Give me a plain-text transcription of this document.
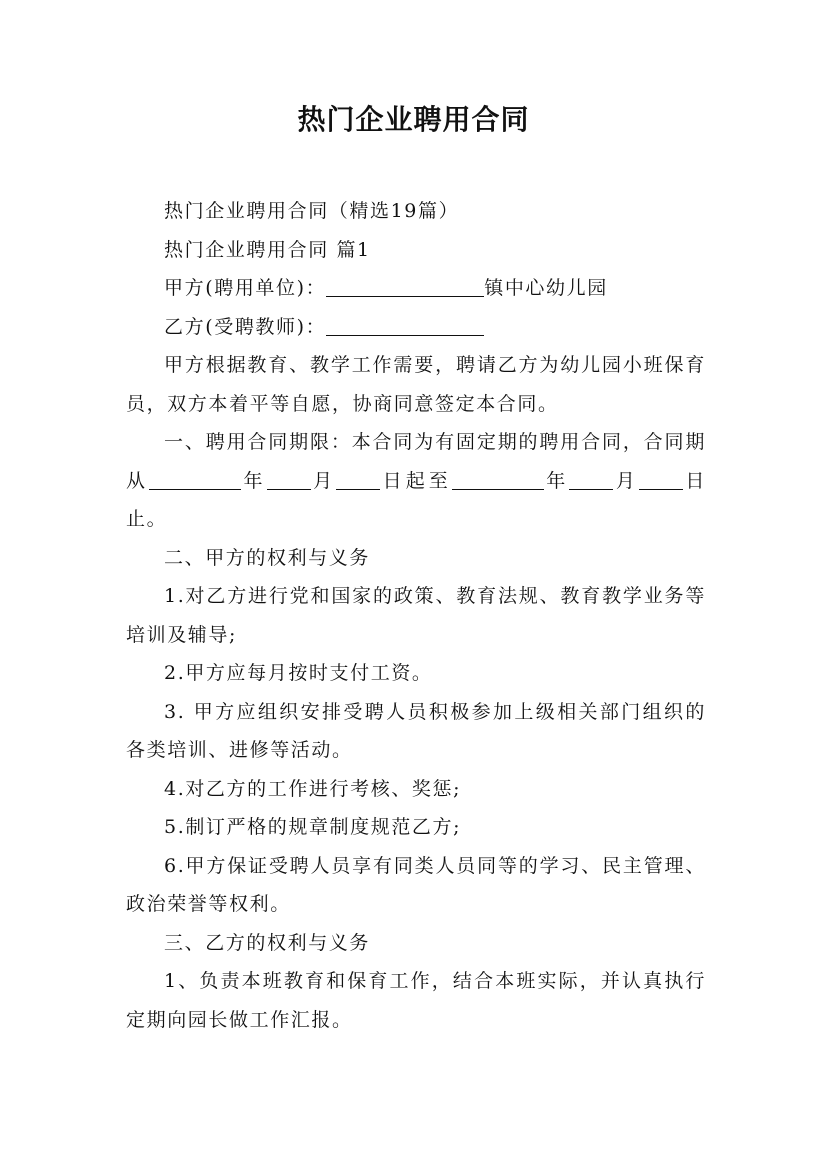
热门企业聘用合同

热门企业聘用合同（精选19篇）

热门企业聘用合同 篇1

甲方(聘用单位)：	镇中心幼儿园

乙方(受聘教师)：

甲方根据教育、教学工作需要，聘请乙方为幼儿园小班保育员，双方本着平等自愿，协商同意签定本合同。

一、聘用合同期限：本合同为有固定期的聘用合同，合同期从	年 月 日起至	年 月 日止。

二、甲方的权利与义务

1.对乙方进行党和国家的政策、教育法规、教育教学业务等培训及辅导;

2.甲方应每月按时支付工资。

3. 甲方应组织安排受聘人员积极参加上级相关部门组织的各类培训、进修等活动。

4.对乙方的工作进行考核、奖惩;

5.制订严格的规章制度规范乙方;

6.甲方保证受聘人员享有同类人员同等的学习、民主管理、政治荣誉等权利。

三、乙方的权利与义务

1、负责本班教育和保育工作，结合本班实际，并认真执行定期向园长做工作汇报。
